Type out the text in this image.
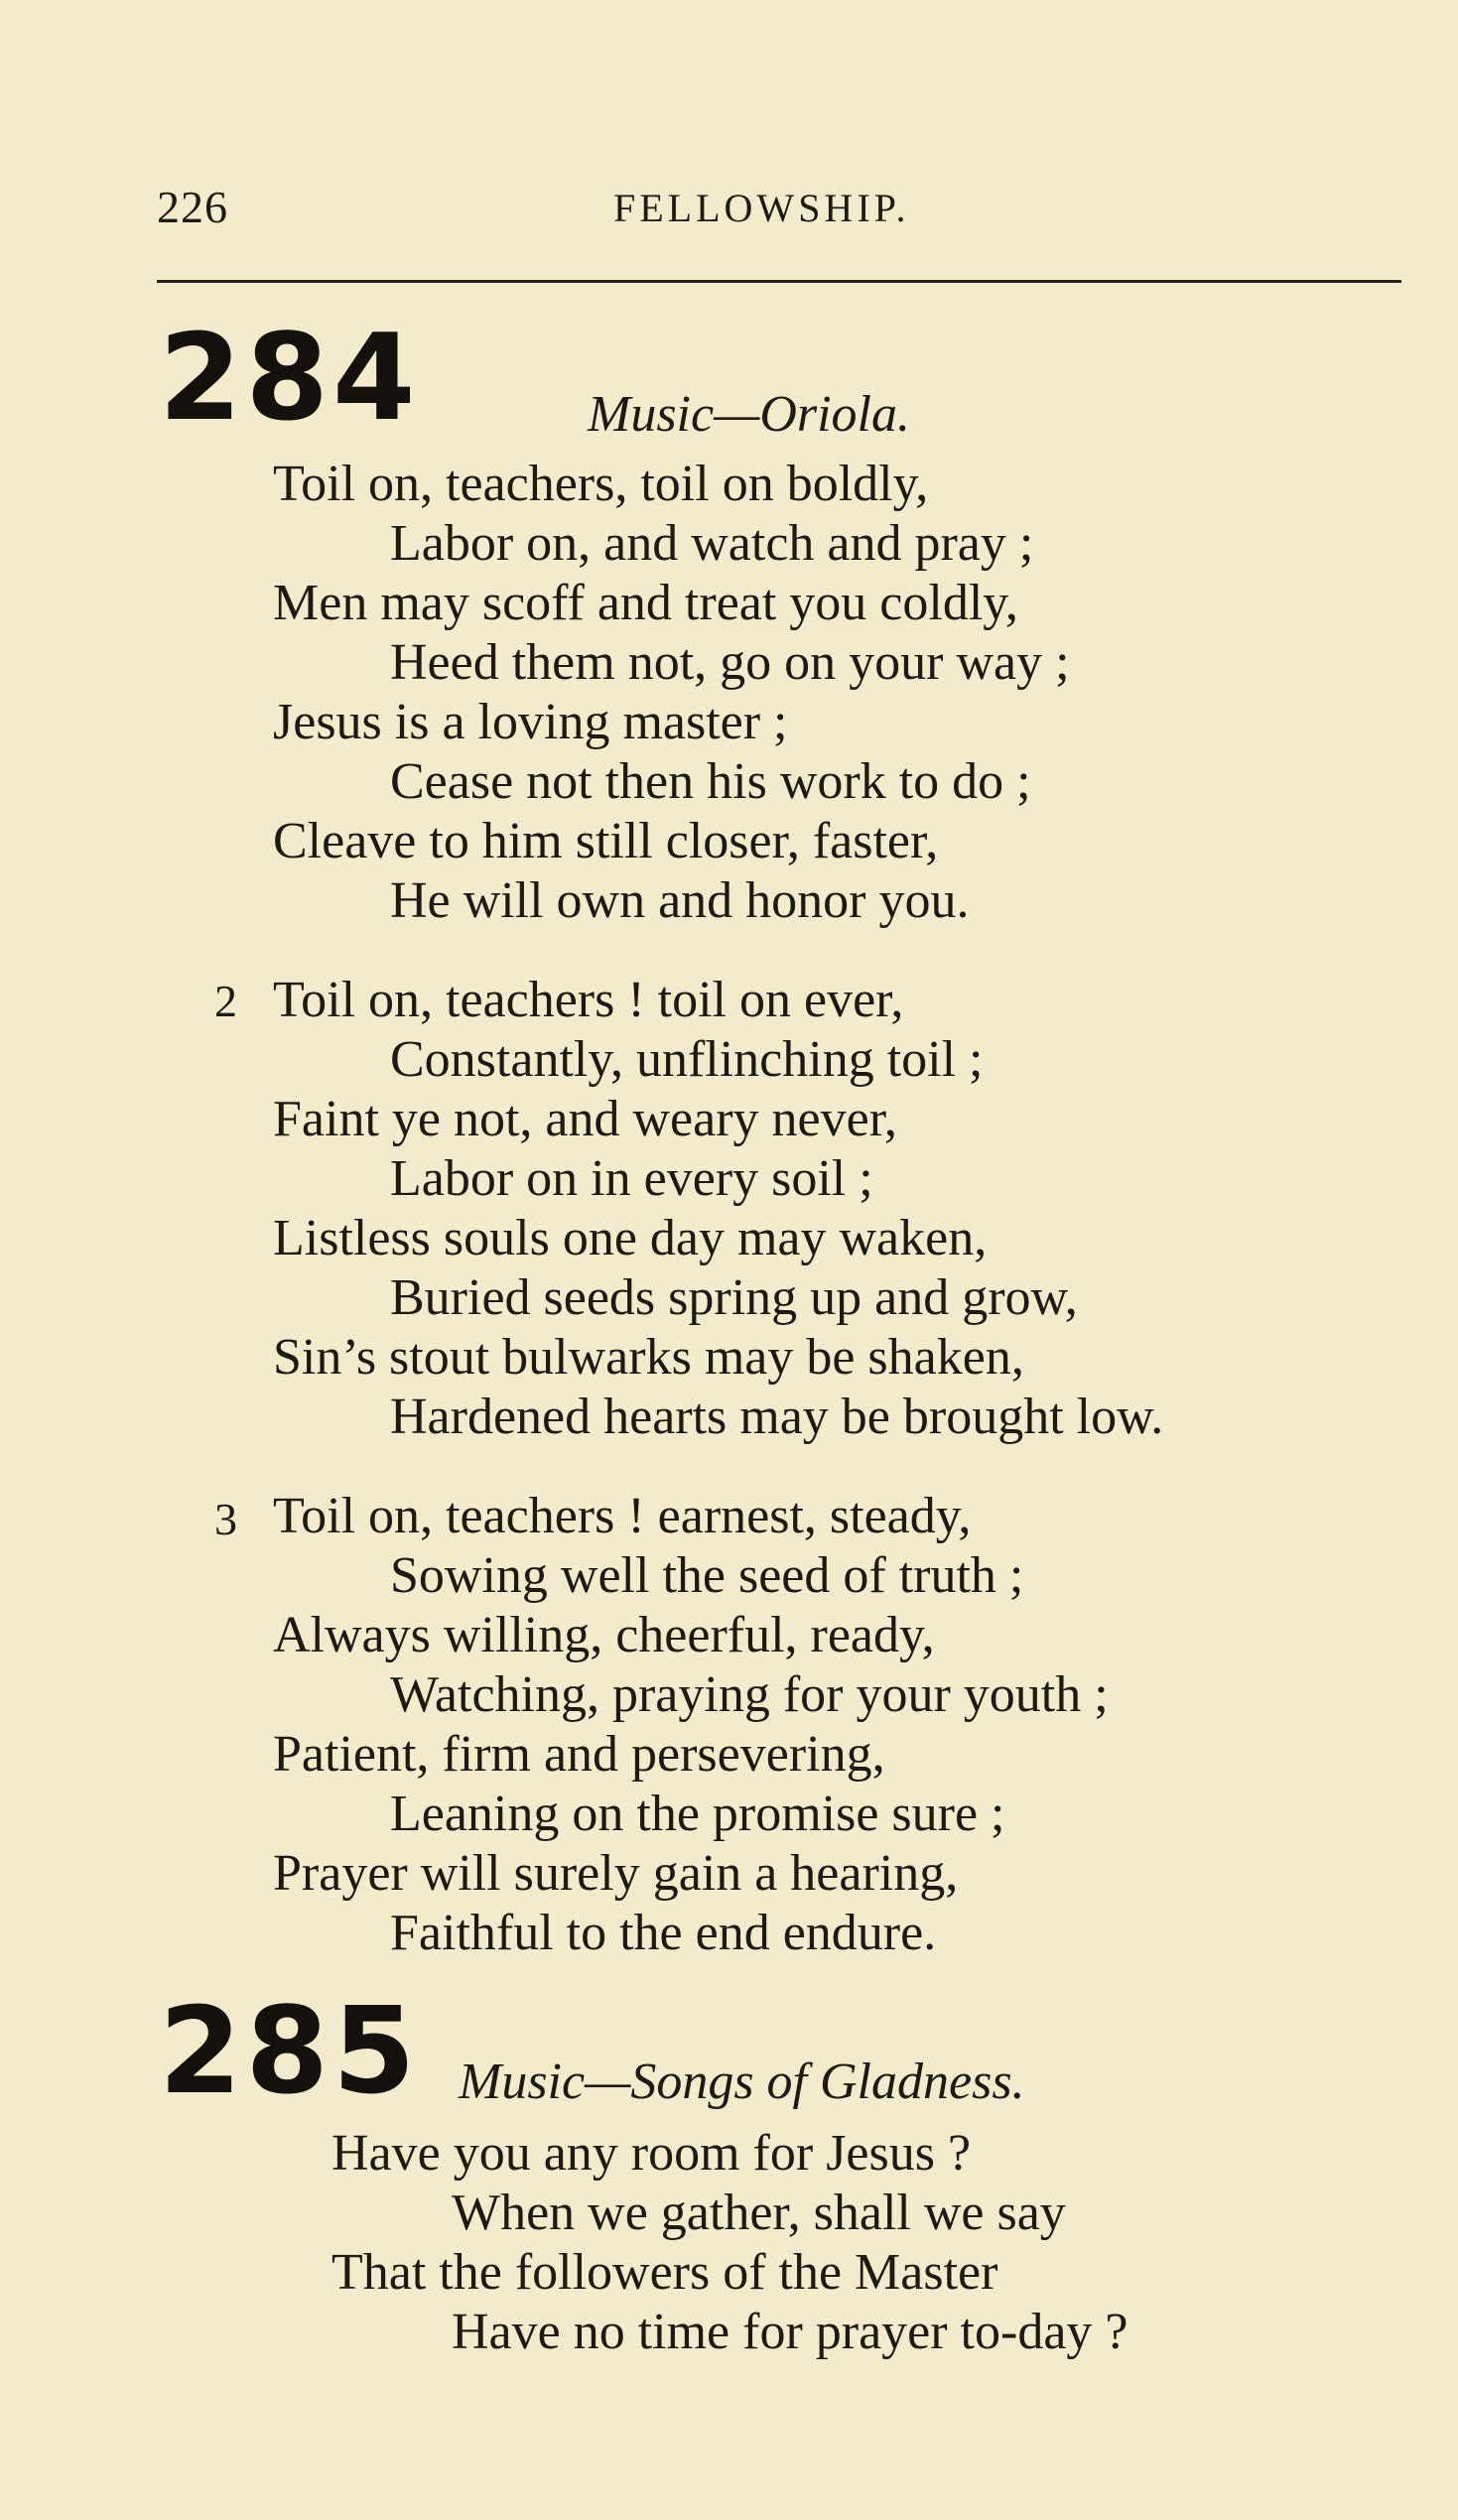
226	FELLOWSHIP.
284	Music—Oriola.
Toil on, teachers, toil on boldly,
Labor on, and watch and pray ;
Men may scoff and treat you coldly,
Heed them not, go on your way ;
Jesus is a loving master ;
Cease not then his work to do ;
Cleave to him still closer, faster,
He will own and honor you.
2 Toil on, teachers ! toil on ever,
Constantly, unflinching toil ;
Faint ye not, and weary never,
Labor on in every soil ;
Listless souls one day may waken,
Buried seeds spring up and grow,
Sin’s stout bulwarks may be shaken,
Hardened hearts may be brought low.
3 Toil on, teachers ! earnest, steady,
Sowing well the seed of truth ;
Always willing, cheerful, ready,
Watching, praying for your youth ;
Patient, firm and persevering,
Leaning on the promise sure ;
Prayer will surely gain a hearing,
Faithful to the end endure.
285 Music—Songs of Gladness.
Have you any room for Jesus ?
When we gather, shall we say
That the followers of the Master
Have no time for prayer to-day ?
